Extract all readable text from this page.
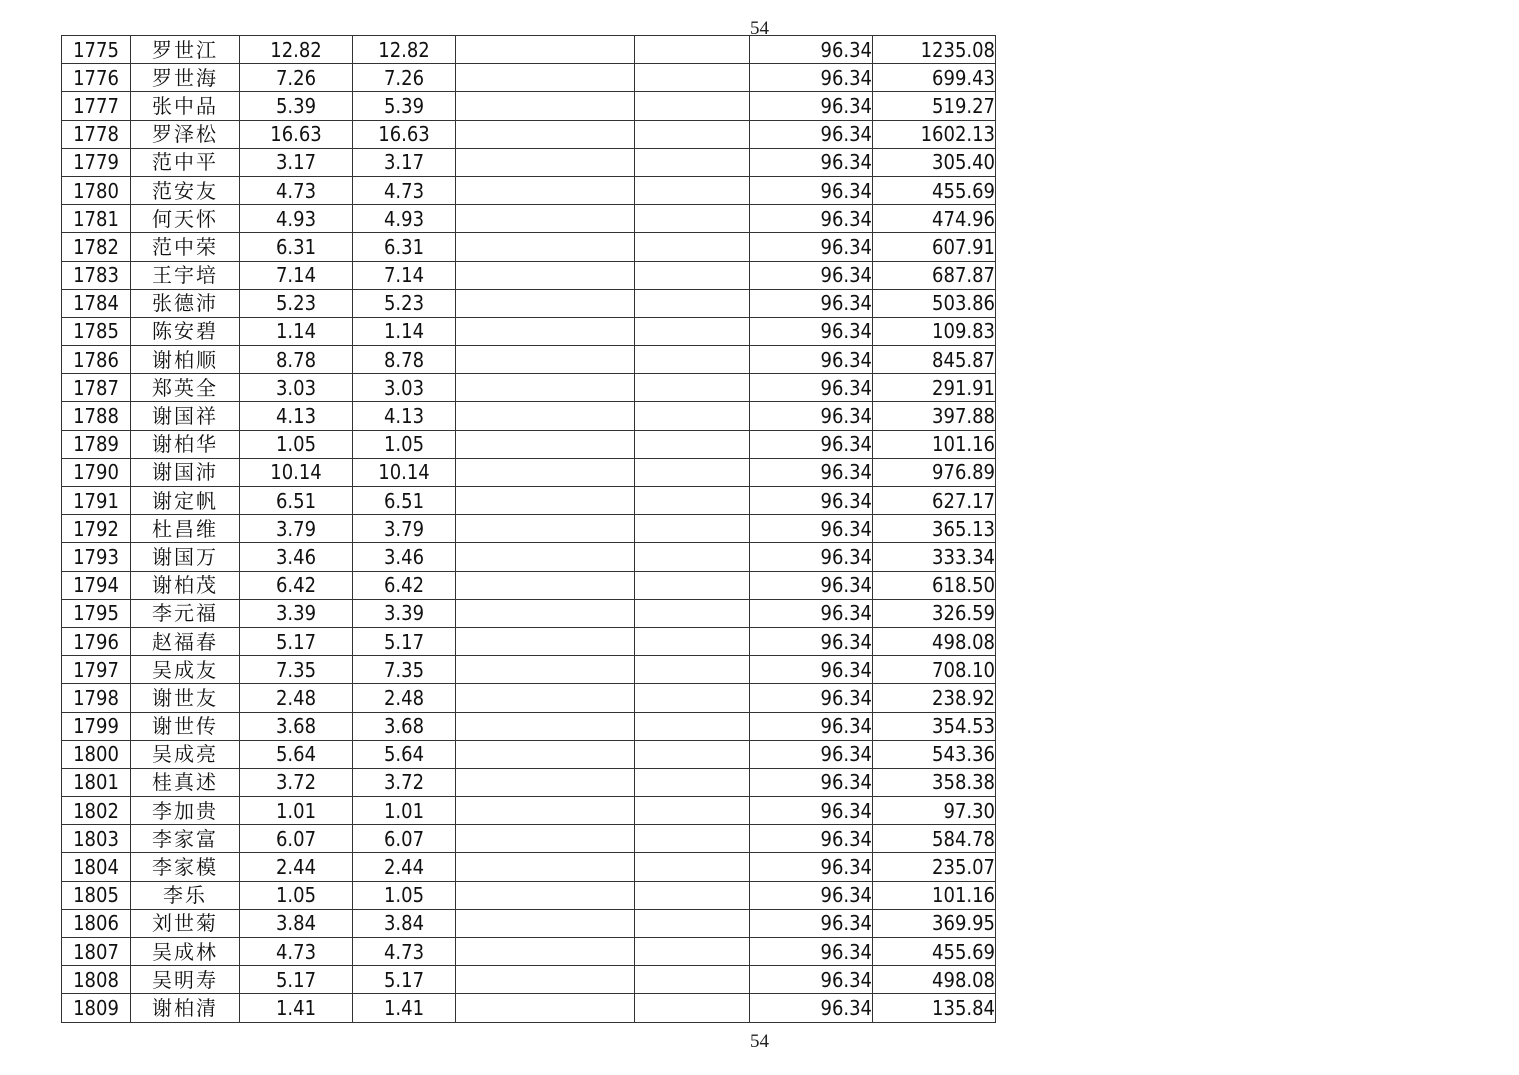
54
1775	罗世江	12.82	12.82			96.34	1235.08
1776	罗世海	7.26	7.26			96.34	699.43
1777	张中品	5.39	5.39			96.34	519.27
1778	罗泽松	16.63	16.63			96.34	1602.13
1779	范中平	3.17	3.17			96.34	305.40
1780	范安友	4.73	4.73			96.34	455.69
1781	何天怀	4.93	4.93			96.34	474.96
1782	范中荣	6.31	6.31			96.34	607.91
1783	王宇培	7.14	7.14			96.34	687.87
1784	张德沛	5.23	5.23			96.34	503.86
1785	陈安碧	1.14	1.14			96.34	109.83
1786	谢柏顺	8.78	8.78			96.34	845.87
1787	郑英全	3.03	3.03			96.34	291.91
1788	谢国祥	4.13	4.13			96.34	397.88
1789	谢柏华	1.05	1.05			96.34	101.16
1790	谢国沛	10.14	10.14			96.34	976.89
1791	谢定帆	6.51	6.51			96.34	627.17
1792	杜昌维	3.79	3.79			96.34	365.13
1793	谢国万	3.46	3.46			96.34	333.34
1794	谢柏茂	6.42	6.42			96.34	618.50
1795	李元福	3.39	3.39			96.34	326.59
1796	赵福春	5.17	5.17			96.34	498.08
1797	吴成友	7.35	7.35			96.34	708.10
1798	谢世友	2.48	2.48			96.34	238.92
1799	谢世传	3.68	3.68			96.34	354.53
1800	吴成亮	5.64	5.64			96.34	543.36
1801	桂真述	3.72	3.72			96.34	358.38
1802	李加贵	1.01	1.01			96.34	97.30
1803	李家富	6.07	6.07			96.34	584.78
1804	李家模	2.44	2.44			96.34	235.07
1805	李乐	1.05	1.05			96.34	101.16
1806	刘世菊	3.84	3.84			96.34	369.95
1807	吴成林	4.73	4.73			96.34	455.69
1808	吴明寿	5.17	5.17			96.34	498.08
1809	谢柏清	1.41	1.41			96.34	135.84
54
